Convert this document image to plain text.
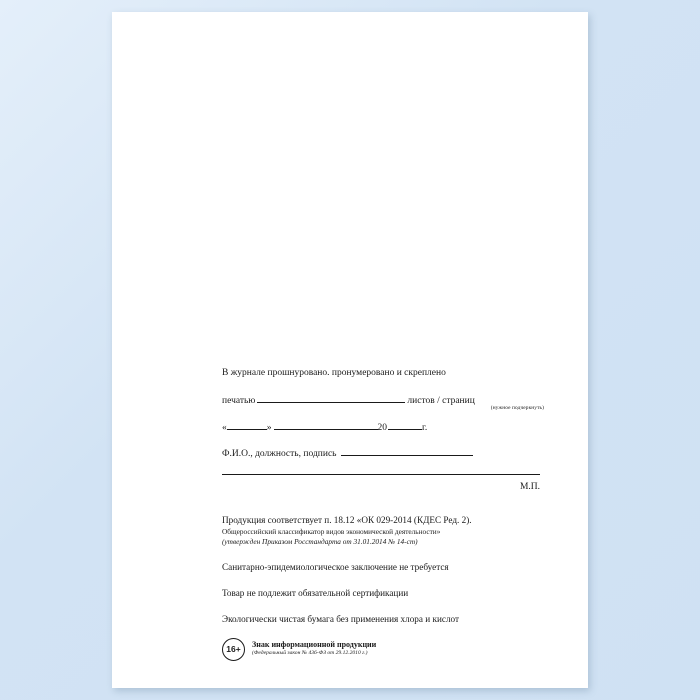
В журнале прошнуровано. пронумеровано и скреплено
печатью	листов / страниц
(нужное подчеркнуть)
«	»	20	г.
Ф.И.О., должность, подпись
М.П.
Продукция соответствует п. 18.12 «ОК 029-2014 (КДЕС Ред. 2).
Общероссийский классификатор видов экономической деятельности»
(утвержден Приказом Росстандарта от 31.01.2014 № 14-ст)
Санитарно-эпидемиологическое заключение не требуется
Товар не подлежит обязательной сертификации
Экологически чистая бумага без применения хлора и кислот
16+	Знак информационной продукции
(Федеральный закон № 436-ФЗ от 29.12.2010 г.)
